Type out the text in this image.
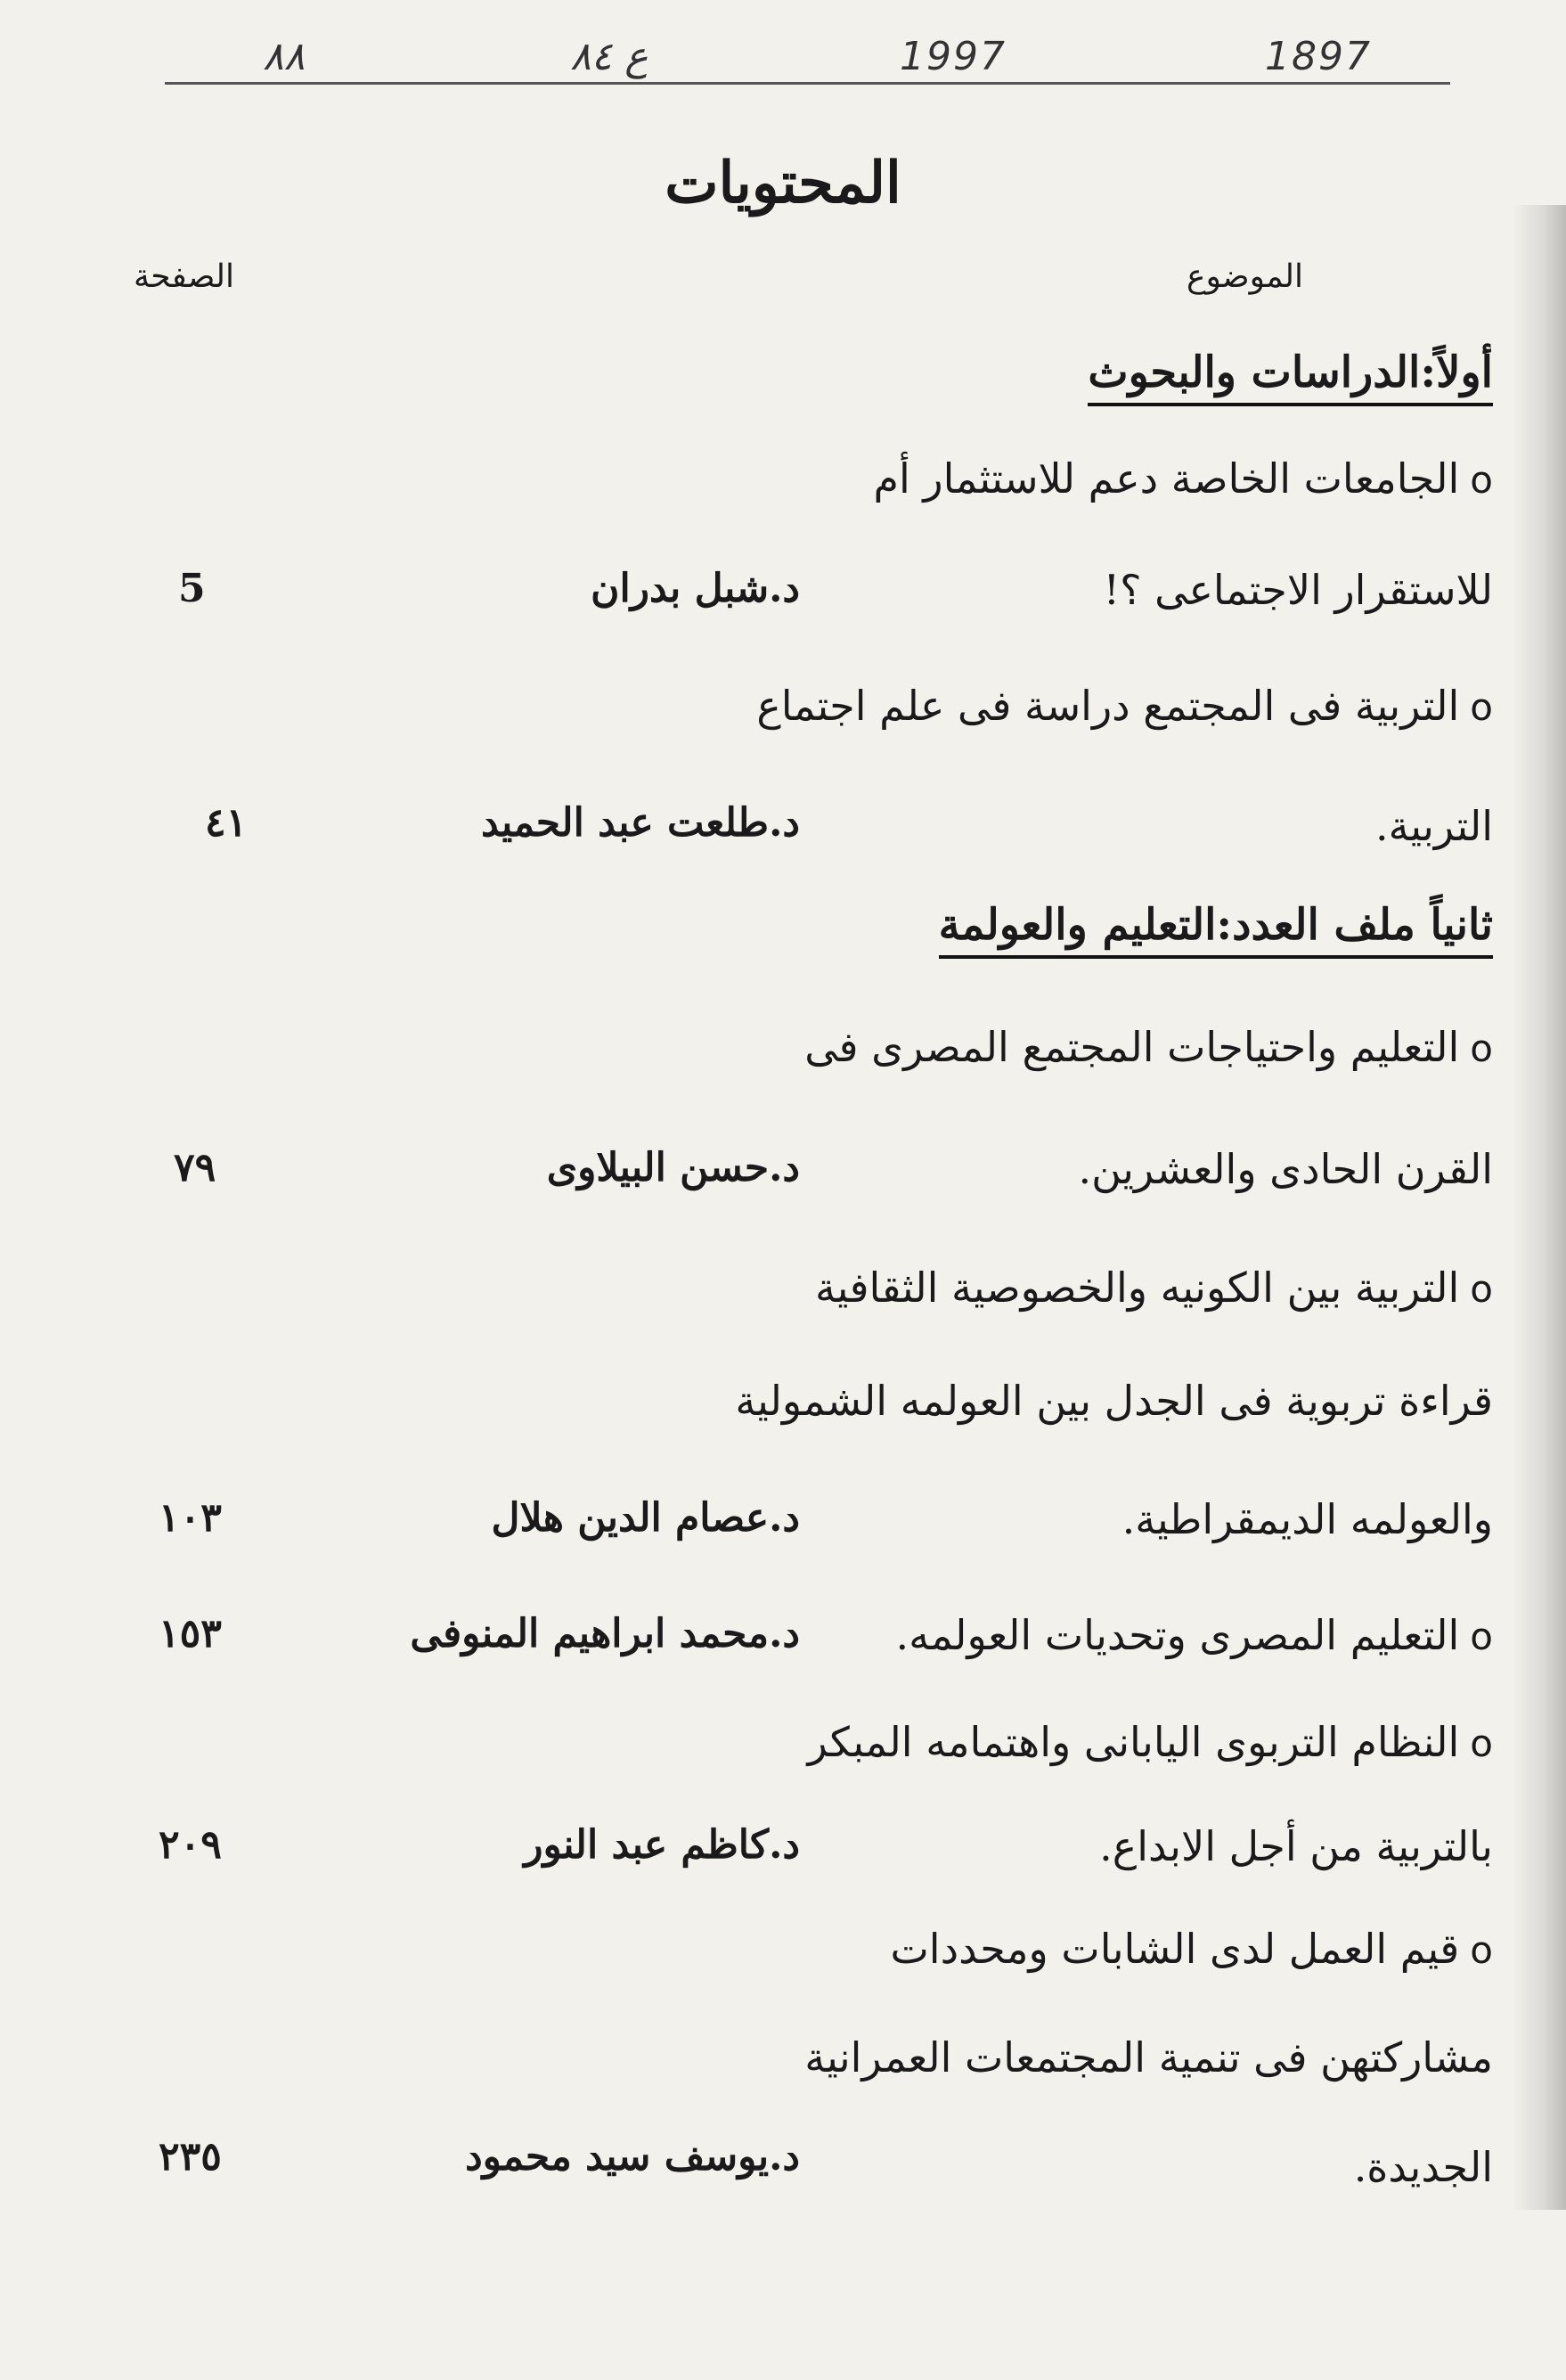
1897
1997
ع ٨٤
٨٨
المحتويات
الموضوع
الصفحة
أولاً:الدراسات والبحوث
oالجامعات الخاصة دعم للاستثمار أم
للاستقرار الاجتماعى ؟!
د.شبل بدران
5
oالتربية فى المجتمع دراسة فى علم اجتماع
التربية.
د.طلعت عبد الحميد
٤١
ثانياً ملف العدد:التعليم والعولمة
oالتعليم واحتياجات المجتمع المصرى فى
القرن الحادى والعشرين.
د.حسن البيلاوى
٧٩
oالتربية بين الكونيه والخصوصية الثقافية
قراءة تربوية فى الجدل بين العولمه الشمولية
والعولمه الديمقراطية.
د.عصام الدين هلال
١٠٣
oالتعليم المصرى وتحديات العولمه.
د.محمد ابراهيم المنوفى
١٥٣
oالنظام التربوى اليابانى واهتمامه المبكر
بالتربية من أجل الابداع.
د.كاظم عبد النور
٢٠٩
oقيم العمل لدى الشابات ومحددات
مشاركتهن فى تنمية المجتمعات العمرانية
الجديدة.
د.يوسف سيد محمود
٢٣٥
